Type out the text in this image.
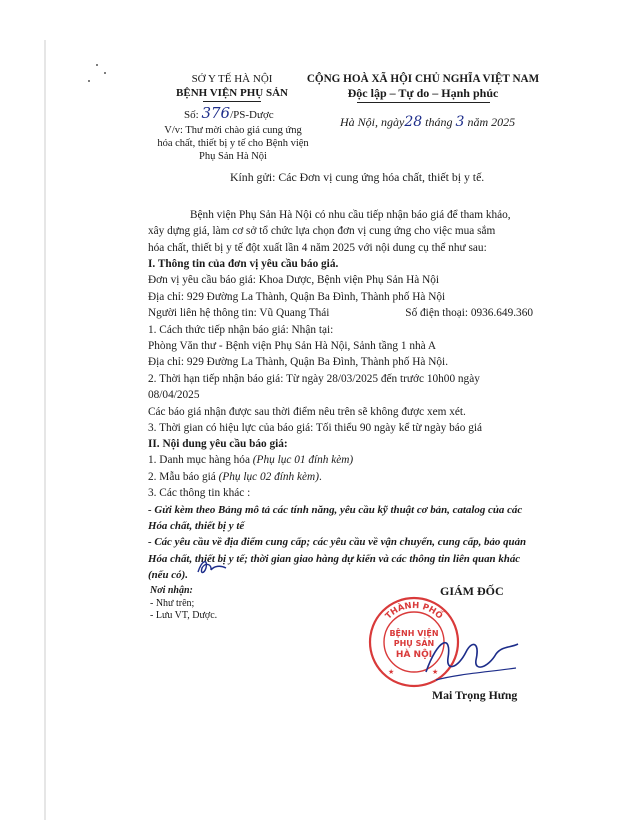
SỞ Y TẾ HÀ NỘI
BỆNH VIỆN PHỤ SẢN
Số: 376/PS-Dược
V/v: Thư mời chào giá cung ứng
hóa chất, thiết bị y tế cho Bệnh viện
Phụ Sản Hà Nội
CỘNG HOÀ XÃ HỘI CHỦ NGHĨA VIỆT NAM
Độc lập – Tự do – Hạnh phúc
Hà Nội, ngày28 tháng 3 năm 2025
Kính gửi: Các Đơn vị cung ứng hóa chất, thiết bị y tế.
Bệnh viện Phụ Sản Hà Nội có nhu cầu tiếp nhận báo giá để tham khảo,
xây dựng giá, làm cơ sở tổ chức lựa chọn đơn vị cung ứng cho việc mua sắm
hóa chất, thiết bị y tế đột xuất lần 4 năm 2025 với nội dung cụ thể như sau:
I. Thông tin của đơn vị yêu cầu báo giá.
Đơn vị yêu cầu báo giá: Khoa Dược, Bệnh viện Phụ Sản Hà Nội
Địa chỉ: 929 Đường La Thành, Quận Ba Đình, Thành phố Hà Nội
Người liên hệ thông tin: Vũ Quang Thái	Số điện thoại: 0936.649.360
1. Cách thức tiếp nhận báo giá: Nhận tại:
Phòng Văn thư - Bệnh viện Phụ Sản Hà Nội, Sảnh tầng 1 nhà A
Địa chỉ: 929 Đường La Thành, Quận Ba Đình, Thành phố Hà Nội.
2. Thời hạn tiếp nhận báo giá: Từ ngày 28/03/2025 đến trước 10h00 ngày
08/04/2025
Các báo giá nhận được sau thời điểm nêu trên sẽ không được xem xét.
3. Thời gian có hiệu lực của báo giá: Tối thiểu 90 ngày kể từ ngày báo giá
II. Nội dung yêu cầu báo giá:
1. Danh mục hàng hóa (Phụ lục 01 đính kèm)
2. Mẫu báo giá (Phụ lục 02 đính kèm).
3. Các thông tin khác :
- Gửi kèm theo Bảng mô tả các tính năng, yêu cầu kỹ thuật cơ bản, catalog của các
Hóa chất, thiết bị y tế
- Các yêu cầu về địa điểm cung cấp; các yêu cầu về vận chuyển, cung cấp, bảo quản
Hóa chất, thiết bị y tế; thời gian giao hàng dự kiến và các thông tin liên quan khác
(nếu có).
Nơi nhận:
- Như trên;
- Lưu VT, Dược.
GIÁM ĐỐC
THÀNH PHỐ
BỆNH VIỆN
PHỤ SẢN
HÀ NỘI
★	★
Mai Trọng Hưng
